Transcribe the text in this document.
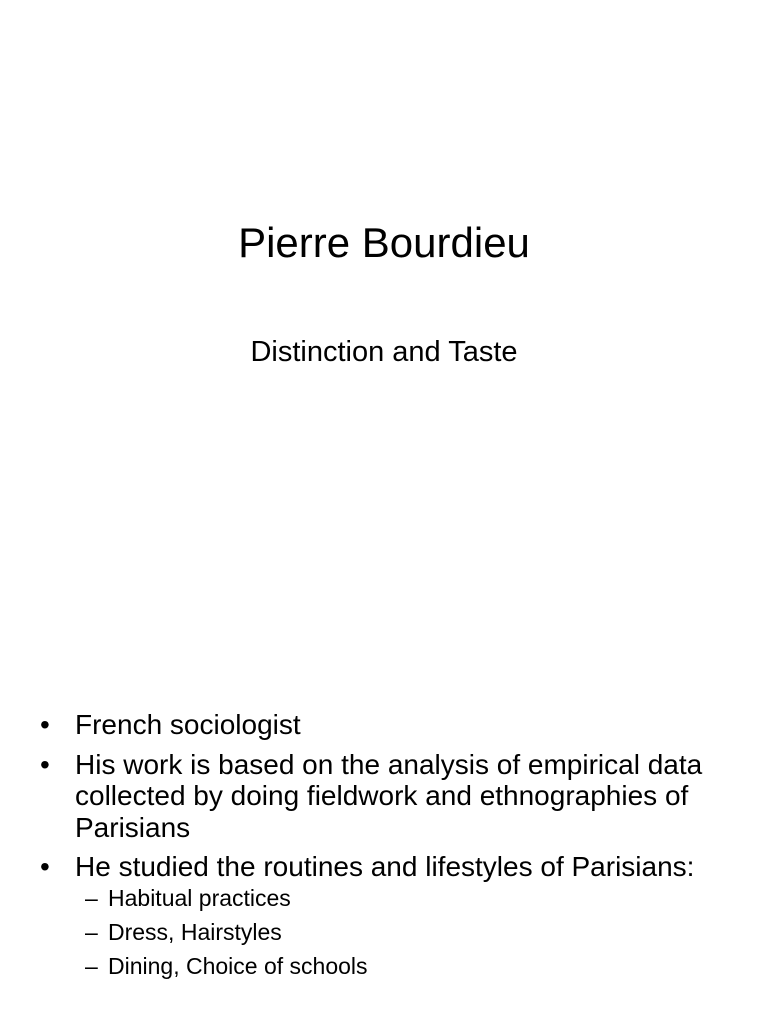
Pierre Bourdieu
Distinction and Taste
• French sociologist
• His work is based on the analysis of empirical data collected by doing fieldwork and ethnographies of Parisians
• He studied the routines and lifestyles of Parisians:
– Habitual practices
– Dress, Hairstyles
– Dining, Choice of schools
